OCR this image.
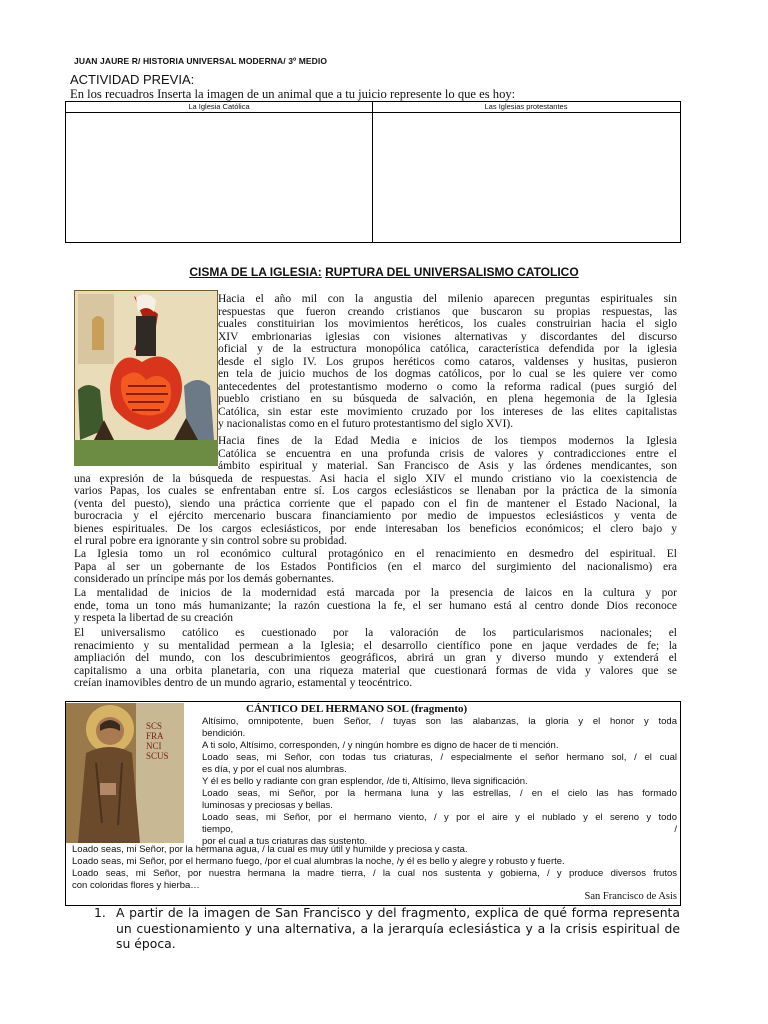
JUAN JAURE R/ HISTORIA UNIVERSAL MODERNA/ 3º MEDIO
ACTIVIDAD PREVIA:
En los recuadros Inserta la imagen de un animal que a tu juicio represente lo que es hoy:
La Iglesia Católica	Las Iglesias protestantes
CISMA DE LA IGLESIA: RUPTURA DEL UNIVERSALISMO CATOLICO
Hacia el año mil con la angustia del milenio aparecen preguntas espirituales sin
respuestas que fueron creando cristianos que buscaron su propias respuestas, las
cuales constituirian los movimientos heréticos, los cuales construirian hacia el siglo
XIV embrionarias iglesias con visiones alternativas y discordantes del discurso
oficial y de la estructura monopólica católica, característica defendida por la iglesia
desde el siglo IV. Los grupos heréticos como cataros, valdenses y husitas, pusieron
en tela de juicio muchos de los dogmas católicos, por lo cual se les quiere ver como
antecedentes del protestantismo moderno o como la reforma radical (pues surgió del
pueblo cristiano en su búsqueda de salvación, en plena hegemonia de la Iglesia
Católica, sin estar este movimiento cruzado por los intereses de las elites capitalistas
y nacionalistas como en el futuro protestantismo del siglo XVI).
Hacia fines de la Edad Media e inicios de los tiempos modernos la Iglesia
Católica se encuentra en una profunda crisis de valores y contradicciones entre el
ámbito espiritual y material. San Francisco de Asis y las órdenes mendicantes, son
una expresión de la búsqueda de respuestas. Asi hacia el siglo XIV el mundo cristiano vio la coexistencia de
varios Papas, los cuales se enfrentaban entre sí. Los cargos eclesiásticos se llenaban por la práctica de la simonía
(venta del puesto), siendo una práctica corriente que el papado con el fin de mantener el Estado Nacional, la
burocracia y el ejército mercenario buscara financiamiento por medio de impuestos eclesiásticos y venta de
bienes espirituales. De los cargos eclesiásticos, por ende interesaban los beneficios económicos; el clero bajo y
el rural pobre era ignorante y sin control sobre su probidad.
La Iglesia tomo un rol económico cultural protagónico en el renacimiento en desmedro del espiritual. El
Papa al ser un gobernante de los Estados Pontificios (en el marco del surgimiento del nacionalismo) era
considerado un príncipe más por los demás gobernantes.
La mentalidad de inicios de la modernidad está marcada por la presencia de laicos en la cultura y por
ende, toma un tono más humanizante; la razón cuestiona la fe, el ser humano está al centro donde Dios reconoce
y respeta la libertad de su creación
El universalismo católico es cuestionado por la valoración de los particularismos nacionales; el
renacimiento y su mentalidad permean a la Iglesia; el desarrollo científico pone en jaque verdades de fe; la
ampliación del mundo, con los descubrimientos geográficos, abrirá un gran y diverso mundo y extenderá el
capitalismo a una orbita planetaria, con una riqueza material que cuestionará formas de vida y valores que se
creían inamovibles dentro de un mundo agrario, estamental y teocéntrico.
SCS FRA NCI SCUS
CÁNTICO DEL HERMANO SOL (fragmento)
Altísimo, omnipotente, buen Señor, / tuyas son las alabanzas, la gloria y el honor y toda
bendición.
A ti solo, Altísimo, corresponden, / y ningún hombre es digno de hacer de ti mención.
Loado seas, mi Señor, con todas tus criaturas, / especialmente el señor hermano sol, / el cual
es día, y por el cual nos alumbras.
Y él es bello y radiante con gran esplendor, /de ti, Altísimo, lleva significación.
Loado seas, mi Señor, por la hermana luna y las estrellas, / en el cielo las has formado
luminosas y preciosas y bellas.
Loado seas, mi Señor, por el hermano viento, / y por el aire y el nublado y el sereno y todo
tiempo,                                                                                                                   /
por el cual a tus criaturas das sustento.
Loado seas, mi Señor, por la hermana agua, / la cual es muy útil y humilde y preciosa y casta.
Loado seas, mi Señor, por el hermano fuego, /por el cual alumbras la noche, /y él es bello y alegre y robusto y fuerte.
Loado seas, mi Señor, por nuestra hermana la madre tierra, / la cual nos sustenta y gobierna, / y produce diversos frutos
con coloridas flores y hierba…
San Francisco de Asis
1. A partir de la imagen de San Francisco y del fragmento, explica de qué forma representa un cuestionamiento y una alternativa, a la jerarquía eclesiástica y a la crisis espiritual de su época.
